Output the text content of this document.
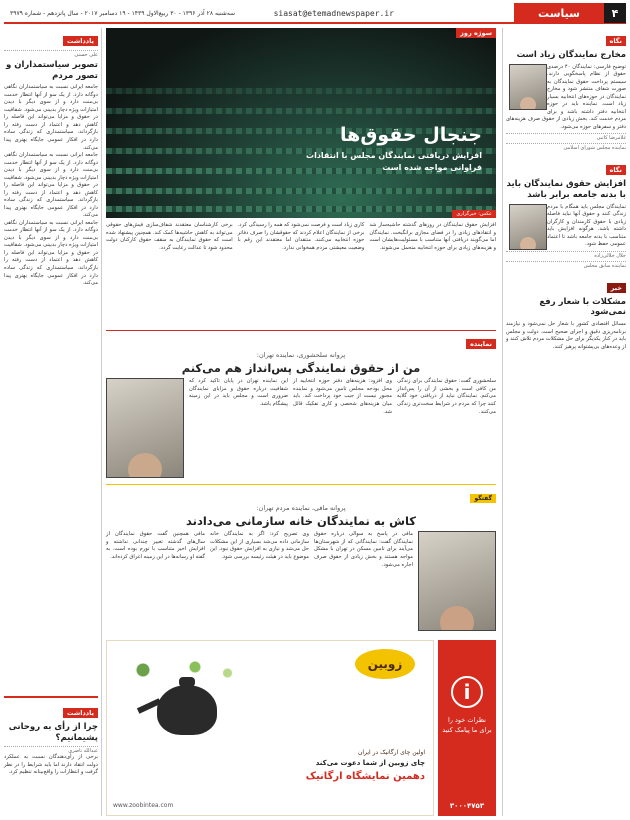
۴
سیاست
siasat@etemadnewspaper.ir
سه‌شنبه ۲۸ آذر ۱۳۹۶ - ۳۰ ربیع‌الاول ۱۴۳۹ - ۱۹ دسامبر ۲۰۱۷ - سال پانزدهم - شماره ۳۹۷۹
نگاه
مخارج نمایندگان زیاد است
توضیح فارسی: نمایندگان ۴۰ درصدی حقوق از نظام پاسخگویی دارند. سیستم پرداخت حقوق نمایندگان به صورت شفاف منتشر شود و مخارج نمایندگان در حوزه‌های انتخابیه بسیار زیاد است. نماینده باید در حوزه انتخابیه دفتر داشته باشد و برای مردم خدمت کند. بخش زیادی از حقوق صرف هزینه‌های دفتر و سفرهای حوزه می‌شود.
غلامرضا کاتبی
نماینده مجلس شورای اسلامی
نگاه
افزایش حقوق نمایندگان باید با بدنه جامعه برابر باشد
نمایندگان مجلس باید همگام با مردم زندگی کنند و حقوق آنها نباید فاصله زیادی با حقوق کارمندان و کارگران داشته باشد. هرگونه افزایش باید متناسب با بدنه جامعه باشد تا اعتماد عمومی حفظ شود.
جلال جلالی‌زاده
نماینده سابق مجلس
خبر
مشکلات با شعار رفع نمی‌شود
مسائل اقتصادی کشور با شعار حل نمی‌شود و نیازمند برنامه‌ریزی دقیق و اجرای صحیح است. دولت و مجلس باید در کنار یکدیگر برای حل مشکلات مردم تلاش کنند و از وعده‌های بی‌پشتوانه پرهیز کنند.
یادداشت
علی حسنی
تصویر سیاستمداران و تصور مردم
جامعه ایرانی نسبت به سیاستمداران نگاهی دوگانه دارد. از یک سو از آنها انتظار خدمت بی‌منت دارد و از سوی دیگر با دیدن امتیازات ویژه دچار بدبینی می‌شود. شفافیت در حقوق و مزایا می‌تواند این فاصله را کاهش دهد و اعتماد از دست رفته را بازگرداند. سیاستمداری که زندگی ساده دارد در افکار عمومی جایگاه بهتری پیدا می‌کند.
جامعه ایرانی نسبت به سیاستمداران نگاهی دوگانه دارد. از یک سو از آنها انتظار خدمت بی‌منت دارد و از سوی دیگر با دیدن امتیازات ویژه دچار بدبینی می‌شود. شفافیت در حقوق و مزایا می‌تواند این فاصله را کاهش دهد و اعتماد از دست رفته را بازگرداند. سیاستمداری که زندگی ساده دارد در افکار عمومی جایگاه بهتری پیدا می‌کند.
جامعه ایرانی نسبت به سیاستمداران نگاهی دوگانه دارد. از یک سو از آنها انتظار خدمت بی‌منت دارد و از سوی دیگر با دیدن امتیازات ویژه دچار بدبینی می‌شود. شفافیت در حقوق و مزایا می‌تواند این فاصله را کاهش دهد و اعتماد از دست رفته را بازگرداند. سیاستمداری که زندگی ساده دارد در افکار عمومی جایگاه بهتری پیدا می‌کند.
یادداشت
چرا از رأی به روحانی پشیمانیم؟
عبدالله ناصری
برخی از رأی‌دهندگان نسبت به عملکرد دولت انتقاد دارند اما باید شرایط را در نظر گرفت و انتظارات را واقع‌بینانه تنظیم کرد.
سوژه روز
جنجال حقوق‌ها
افزایش دریافتی نمایندگان مجلس با انتقادات فراوانی مواجه شده است
عکس: خبرگزاری
افزایش حقوق نمایندگان در روزهای گذشته حاشیه‌ساز شد و انتقادهای زیادی را در فضای مجازی برانگیخت. نمایندگان اما می‌گویند دریافتی آنها متناسب با مسئولیت‌هایشان است و هزینه‌های زیادی برای حوزه انتخابیه متحمل می‌شوند.
کاری زیاد است و فرصت نمی‌شود که همه را رسیدگی کرد. برخی از نمایندگان اعلام کردند که حقوقشان را صرف دفاتر حوزه انتخابیه می‌کنند. منتقدان اما معتقدند این رقم با وضعیت معیشتی مردم همخوانی ندارد.
برخی کارشناسان معتقدند شفاف‌سازی فیش‌های حقوقی می‌تواند به کاهش حاشیه‌ها کمک کند. همچنین پیشنهاد شده است که حقوق نمایندگان به سقف حقوق کارکنان دولت محدود شود تا عدالت رعایت گردد.
نماینده
پروانه سلحشوری، نماینده تهران:
من از حقوق نمایندگی پس‌انداز هم می‌کنم
سلحشوری گفت: حقوق نمایندگی برای زندگی من کافی است و بخشی از آن را پس‌انداز می‌کنم. نمایندگان نباید از دریافتی خود گلایه کنند چرا که مردم در شرایط سخت‌تری زندگی می‌کنند.
وی افزود: هزینه‌های دفتر حوزه انتخابیه از محل بودجه مجلس تامین می‌شود و نماینده مجبور نیست از جیب خود پرداخت کند. باید میان هزینه‌های شخصی و کاری تفکیک قائل شد.
این نماینده تهران در پایان تاکید کرد که شفافیت درباره حقوق و مزایای نمایندگان ضروری است و مجلس باید در این زمینه پیشگام باشد.
گفتگو
پروانه مافی، نماینده مردم تهران:
کاش به نمایندگان خانه سازمانی می‌دادند
مافی در پاسخ به سوالی درباره حقوق نمایندگان گفت: نمایندگانی که از شهرستان‌ها می‌آیند برای تامین مسکن در تهران با مشکل مواجه هستند و بخش زیادی از حقوق صرف اجاره می‌شود.
وی تصریح کرد: اگر به نمایندگان خانه سازمانی داده می‌شد بسیاری از این مشکلات حل می‌شد و نیازی به افزایش حقوق نبود. این موضوع باید در هیئت رئیسه بررسی شود.
مافی همچنین گفت حقوق نمایندگان از سال‌های گذشته تغییر چندانی نداشته و افزایش اخیر متناسب با تورم بوده است. به گفته او رسانه‌ها در این زمینه اغراق کرده‌اند.
i
نظرات خود را برای ما پیامک کنید
۳۰۰۰۴۷۵۳
زوبین
اولین چای ارگانیک در ایران
چای زوبین از شما دعوت می‌کند
دهمین نمایشگاه ارگانیک
www.zoobintea.com
